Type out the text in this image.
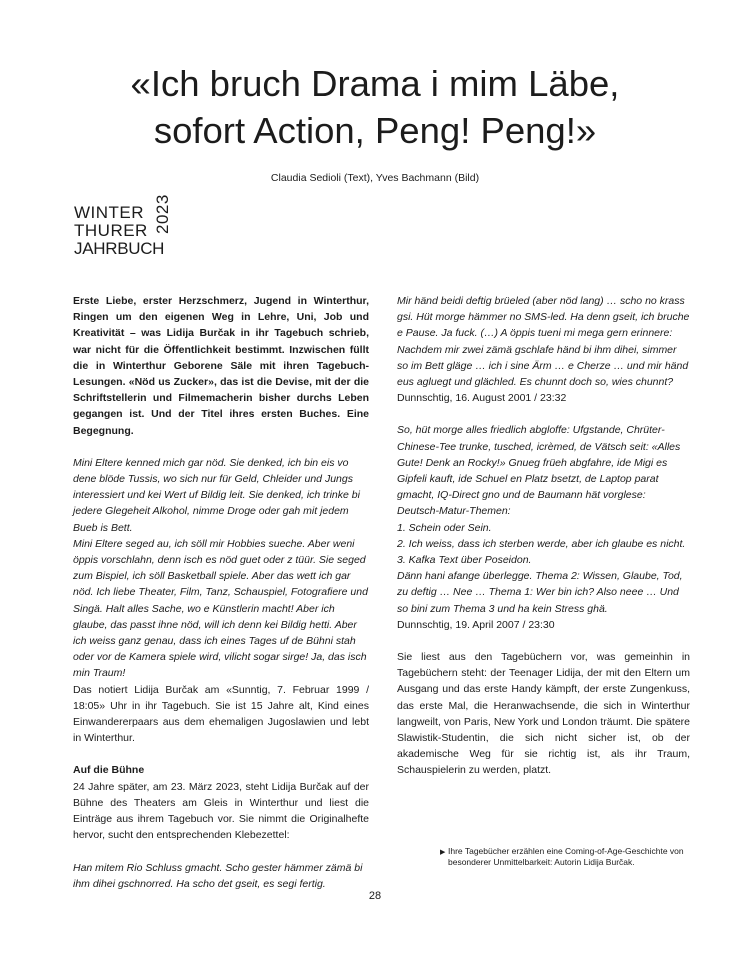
«Ich bruch Drama i mim Läbe,
sofort Action, Peng! Peng!»
Claudia Sedioli (Text), Yves Bachmann (Bild)
WINTER
THURER
JAHRBUCH
2023

Erste Liebe, erster Herzschmerz, Jugend in Winterthur, Ringen um den eigenen Weg in Lehre, Uni, Job und Kreativität – was Lidija Burčak in ihr Tagebuch schrieb, war nicht für die Öffentlichkeit bestimmt. Inzwischen füllt die in Winterthur Geborene Säle mit ihren Tagebuch-Lesungen. «Nöd us Zucker», das ist die Devise, mit der die Schriftstellerin und Filmemacherin bisher durchs Leben gegangen ist. Und der Titel ihres ersten Buches. Eine Begegnung.

Mini Eltere kenned mich gar nöd. Sie denked, ich bin eis vo dene blöde Tussis, wo sich nur für Geld, Chleider und Jungs interessiert und kei Wert uf Bildig leit. Sie denked, ich trinke bi jedere Glegeheit Alkohol, nimme Droge oder gah mit jedem Bueb is Bett.

Mini Eltere seged au, ich söll mir Hobbies sueche. Aber weni öppis vorschlahn, denn isch es nöd guet oder z tüür. Sie seged zum Bispiel, ich söll Basketball spiele. Aber das wett ich gar nöd. Ich liebe Theater, Film, Tanz, Schauspiel, Fotografiere und Singä. Halt alles Sache, wo e Künstlerin macht! Aber ich glaube, das passt ihne nöd, will ich denn kei Bildig hetti. Aber ich weiss ganz genau, dass ich eines Tages uf de Bühni stah oder vor de Kamera spiele wird, vilicht sogar sirge! Ja, das isch min Traum!

Das notiert Lidija Burčak am «Sunntig, 7. Februar 1999 / 18:05» Uhr in ihr Tagebuch. Sie ist 15 Jahre alt, Kind eines Einwandererpaars aus dem ehemaligen Jugoslawien und lebt in Winterthur.

Auf die Bühne

24 Jahre später, am 23. März 2023, steht Lidija Burčak auf der Bühne des Theaters am Gleis in Winterthur und liest die Einträge aus ihrem Tagebuch vor. Sie nimmt die Originalhefte hervor, sucht den entsprechenden Klebezettel:

Han mitem Rio Schluss gmacht. Scho gester hämmer zämä bi ihm dihei gschnorred. Ha scho det gseit, es segi fertig.

Mir händ beidi deftig brüeled (aber nöd lang) … scho no krass gsi. Hüt morge hämmer no SMS-led. Ha denn gseit, ich bruche e Pause. Ja fuck. (…) A öppis tueni mi mega gern erinnere: Nachdem mir zwei zämä gschlafe händ bi ihm dihei, simmer so im Bett gläge … ich i sine Ärm … e Cherze … und mir händ eus agluegt und glächled. Es chunnt doch so, wies chunnt?

Dunnschtig, 16. August 2001 / 23:32

So, hüt morge alles friedlich abgloffe: Ufgstande, Chrüter-Chinese-Tee trunke, tusched, icrèmed, de Vätsch seit: «Alles Gute! Denk an Rocky!» Gnueg früeh abgfahre, ide Migi es Gipfeli kauft, ide Schuel en Platz bsetzt, de Laptop parat gmacht, IQ-Direct gno und de Baumann hät vorglese: Deutsch-Matur-Themen:

1. Schein oder Sein.

2. Ich weiss, dass ich sterben werde, aber ich glaube es nicht.

3. Kafka Text über Poseidon.

Dänn hani afange überlegge. Thema 2: Wissen, Glaube, Tod, zu deftig … Nee … Thema 1: Wer bin ich? Also neee … Und so bini zum Thema 3 und ha kein Stress ghä.

Dunnschtig, 19. April 2007 / 23:30

Sie liest aus den Tagebüchern vor, was gemeinhin in Tagebüchern steht: der Teenager Lidija, der mit den Eltern um Ausgang und das erste Handy kämpft, der erste Zungenkuss, das erste Mal, die Heranwachsende, die sich in Winterthur langweilt, von Paris, New York und London träumt. Die spätere Slawistik-Studentin, die sich nicht sicher ist, ob der akademische Weg für sie richtig ist, als ihr Traum, Schauspielerin zu werden, platzt.

▶ Ihre Tagebücher erzählen eine Coming-of-Age-Geschichte von besonderer Unmittelbarkeit: Autorin Lidija Burčak.
28
